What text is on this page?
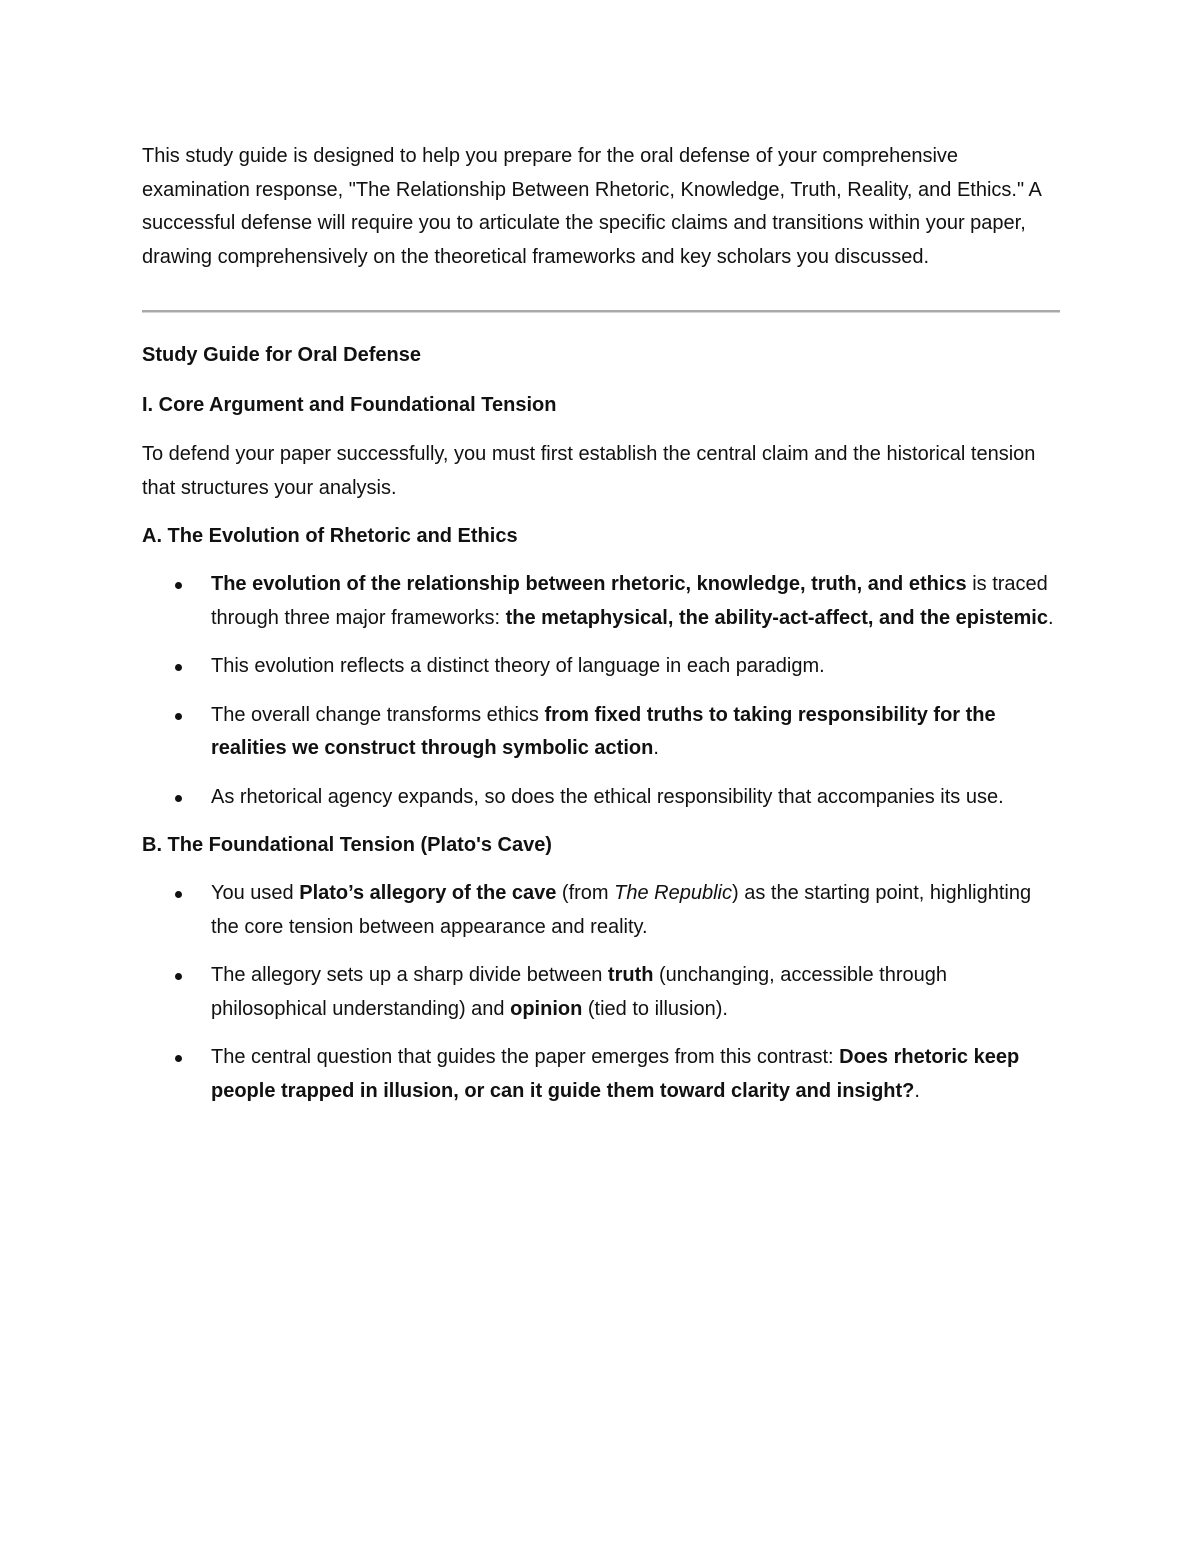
This study guide is designed to help you prepare for the oral defense of your comprehensive examination response, "The Relationship Between Rhetoric, Knowledge, Truth, Reality, and Ethics." A successful defense will require you to articulate the specific claims and transitions within your paper, drawing comprehensively on the theoretical frameworks and key scholars you discussed.

Study Guide for Oral Defense

I. Core Argument and Foundational Tension

To defend your paper successfully, you must first establish the central claim and the historical tension that structures your analysis.

A. The Evolution of Rhetoric and Ethics

The evolution of the relationship between rhetoric, knowledge, truth, and ethics is traced through three major frameworks: the metaphysical, the ability-act-affect, and the epistemic.
This evolution reflects a distinct theory of language in each paradigm.
The overall change transforms ethics from fixed truths to taking responsibility for the realities we construct through symbolic action.
As rhetorical agency expands, so does the ethical responsibility that accompanies its use.

B. The Foundational Tension (Plato's Cave)

You used Plato’s allegory of the cave (from The Republic) as the starting point, highlighting the core tension between appearance and reality.
The allegory sets up a sharp divide between truth (unchanging, accessible through philosophical understanding) and opinion (tied to illusion).
The central question that guides the paper emerges from this contrast: Does rhetoric keep people trapped in illusion, or can it guide them toward clarity and insight?.
